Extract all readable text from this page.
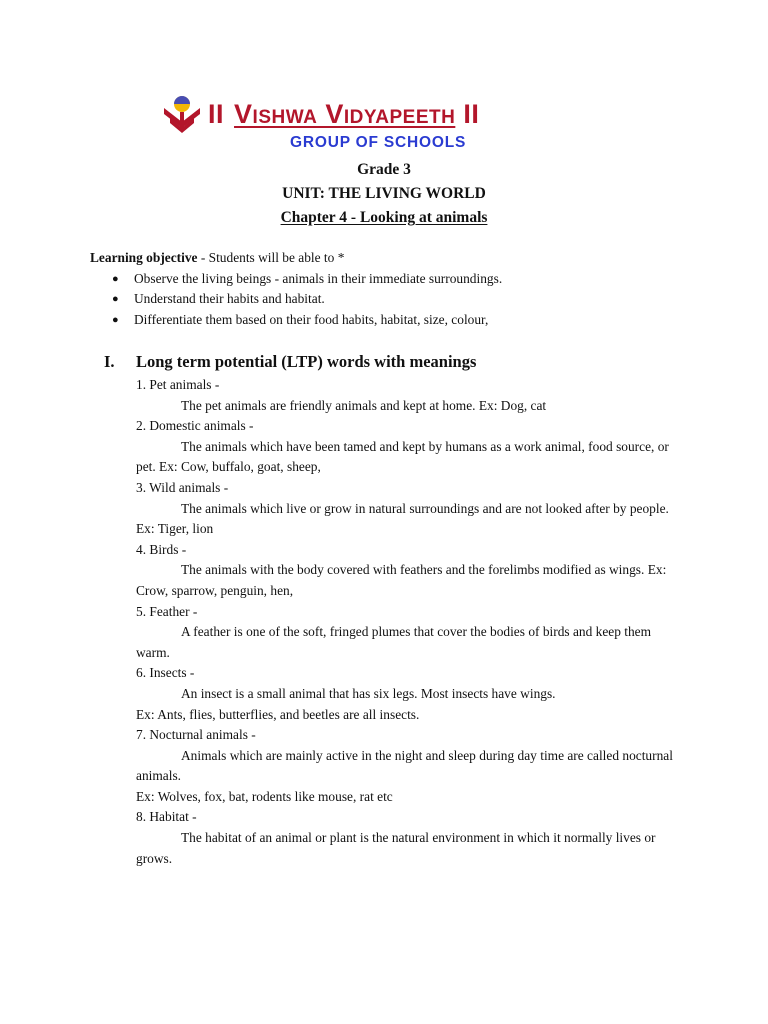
II Vishwa Vidyapeeth II
GROUP OF SCHOOLS
Grade 3
UNIT: THE LIVING WORLD
Chapter 4 - Looking at animals
Learning objective - Students will be able to *
● Observe the living beings - animals in their immediate surroundings.
● Understand their habits and habitat.
● Differentiate them based on their food habits, habitat, size, colour,
I.	Long term potential (LTP) words with meanings
1. Pet animals -
The pet animals are friendly animals and kept at home. Ex: Dog, cat
2. Domestic animals -
The animals which have been tamed and kept by humans as a work animal, food source, or pet. Ex: Cow, buffalo, goat, sheep,
3. Wild animals -
The animals which live or grow in natural surroundings and are not looked after by people. Ex: Tiger, lion
4. Birds -
The animals with the body covered with feathers and the forelimbs modified as wings. Ex: Crow, sparrow, penguin, hen,
5. Feather -
A feather is one of the soft, fringed plumes that cover the bodies of birds and keep them warm.
6. Insects -
An insect is a small animal that has six legs. Most insects have wings.
Ex: Ants, flies, butterflies, and beetles are all insects.
7. Nocturnal animals -
Animals which are mainly active in the night and sleep during day time are called nocturnal animals.
Ex: Wolves, fox, bat, rodents like mouse, rat etc
8. Habitat -
The habitat of an animal or plant is the natural environment in which it normally lives or grows.
